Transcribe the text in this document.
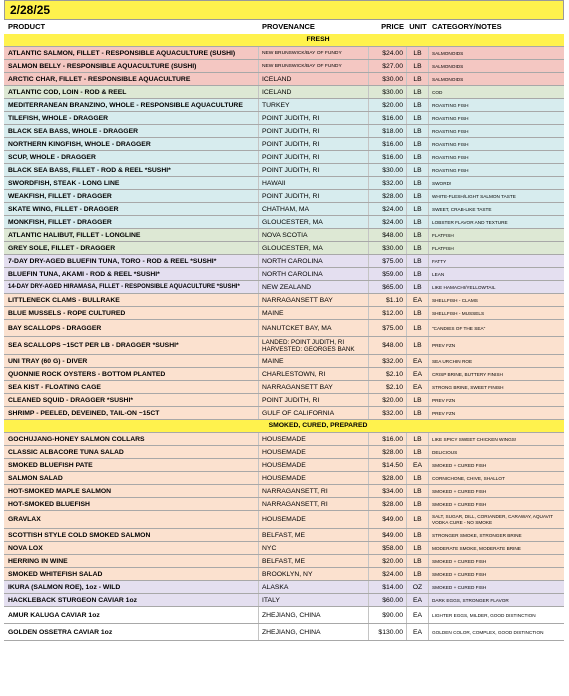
2/28/25
PRODUCT	PROVENANCE	PRICE UNIT CATEGORY/NOTES
FRESH
ATLANTIC SALMON, FILLET - RESPONSIBLE AQUACULTURE (SUSHI)	NEW BRUNSWICK/BAY OF FUNDY	$24.00	LB	SALMONOIDS
SALMON BELLY - RESPONSIBLE AQUACULTURE (SUSHI)	NEW BRUNSWICK/BAY OF FUNDY	$27.00	LB	SALMONOIDS
ARCTIC CHAR, FILLET - RESPONSIBLE AQUACULTURE	ICELAND	$30.00	LB	SALMONOIDS
ATLANTIC COD, LOIN - ROD & REEL	ICELAND	$30.00	LB	COD
MEDITERRANEAN BRANZINO, WHOLE - RESPONSIBLE AQUACULTURE	TURKEY	$20.00	LB	ROASTING FISH
TILEFISH, WHOLE - DRAGGER	POINT JUDITH, RI	$16.00	LB	ROASTING FISH
BLACK SEA BASS, WHOLE - DRAGGER	POINT JUDITH, RI	$18.00	LB	ROASTING FISH
NORTHERN KINGFISH, WHOLE - DRAGGER	POINT JUDITH, RI	$16.00	LB	ROASTING FISH
SCUP, WHOLE - DRAGGER	POINT JUDITH, RI	$16.00	LB	ROASTING FISH
BLACK SEA BASS, FILLET - ROD & REEL *SUSHI*	POINT JUDITH, RI	$30.00	LB	ROASTING FISH
SWORDFISH, STEAK - LONG LINE	HAWAII	$32.00	LB	SWORD!
WEAKFISH, FILLET - DRAGGER	POINT JUDITH, RI	$28.00	LB	WHITE-FLESH/LIGHT SALMON TASTE
SKATE WING, FILLET - DRAGGER	CHATHAM, MA	$24.00	LB	SWEET, CRAB-LIKE TASTE
MONKFISH, FILLET - DRAGGER	GLOUCESTER, MA	$24.00	LB	LOBSTER FLAVOR AND TEXTURE
ATLANTIC HALIBUT, FILLET - LONGLINE	NOVA SCOTIA	$48.00	LB	FLATFISH
GREY SOLE, FILLET - DRAGGER	GLOUCESTER, MA	$30.00	LB	FLATFISH
7-DAY DRY-AGED BLUEFIN TUNA, TORO - ROD & REEL *SUSHI*	NORTH CAROLINA	$75.00	LB	FATTY
BLUEFIN TUNA, AKAMI - ROD & REEL *SUSHI*	NORTH CAROLINA	$59.00	LB	LEAN
14-DAY DRY-AGED HIRAMASA, FILLET - RESPONSIBLE AQUACULTURE *SUSHI*	NEW ZEALAND	$65.00	LB	LIKE HAMACHI/YELLOWTAIL
LITTLENECK CLAMS - BULLRAKE	NARRAGANSETT BAY	$1.10	EA	SHELLFISH - CLAMS
BLUE MUSSELS - ROPE CULTURED	MAINE	$12.00	LB	SHELLFISH - MUSSELS
BAY SCALLOPS - DRAGGER	NANUTCKET BAY, MA	$75.00	LB	"CANDIES OF THE SEA"
SEA SCALLOPS ~15CT PER LB - DRAGGER *SUSHI*	LANDED: POINT JUDITH, RI HARVESTED: GEORGES BANK	$48.00	LB	PREV FZN
UNI TRAY (60 G) - DIVER	MAINE	$32.00	EA	SEA URCHIN ROE
QUONNIE ROCK OYSTERS - BOTTOM PLANTED	CHARLESTOWN, RI	$2.10	EA	CRISP BRINE, BUTTERY FINISH
SEA KIST - FLOATING CAGE	NARRAGANSETT BAY	$2.10	EA	STRONG BRINE, SWEET FINISH
CLEANED SQUID - DRAGGER *SUSHI*	POINT JUDITH, RI	$20.00	LB	PREV FZN
SHRIMP - PEELED, DEVEINED, TAIL-ON ~15CT	GULF OF CALIFORNIA	$32.00	LB	PREV FZN
SMOKED, CURED, PREPARED
GOCHUJANG-HONEY SALMON COLLARS	HOUSEMADE	$16.00	LB	LIKE SPICY SWEET CHICKEN WINGS!
CLASSIC ALBACORE TUNA SALAD	HOUSEMADE	$28.00	LB	DELICIOUS
SMOKED BLUEFISH PATE	HOUSEMADE	$14.50	EA	SMOKED + CURED FISH
SALMON SALAD	HOUSEMADE	$28.00	LB	CORNICHONE, CHIVE, SHALLOT
HOT-SMOKED MAPLE SALMON	NARRAGANSETT, RI	$34.00	LB	SMOKED + CURED FISH
HOT-SMOKED BLUEFISH	NARRAGANSETT, RI	$28.00	LB	SMOKED + CURED FISH
GRAVLAX	HOUSEMADE	$49.00	LB	SALT, SUGAR, DILL, CORIANDER, CARAWAY, AQUAVIT VODKA CURE - NO SMOKE
SCOTTISH STYLE COLD SMOKED SALMON	BELFAST, ME	$49.00	LB	STRONGER SMOKE, STRONGER BRINE
NOVA LOX	NYC	$58.00	LB	MODERATE SMOKE, MODERATE BRINE
HERRING IN WINE	BELFAST, ME	$20.00	LB	SMOKED + CURED FISH
SMOKED WHITEFISH SALAD	BROOKLYN, NY	$24.00	LB	SMOKED + CURED FISH
IKURA (SALMON ROE), 1oz - WILD	ALASKA	$14.00	OZ	SMOKED + CURED FISH
HACKLEBACK STURGEON CAVIAR 1oz	ITALY	$60.00	EA	DARK EGGS, STRONGER FLAVOR
AMUR KALUGA CAVIAR 1oz	ZHEJIANG, CHINA	$90.00	EA	LIGHTER EGGS, MILDER, GOOD DISTINCTION
GOLDEN OSSETRA CAVIAR 1oz	ZHEJIANG, CHINA	$130.00	EA	GOLDEN COLOR, COMPLEX, GOOD DISTINCTION
